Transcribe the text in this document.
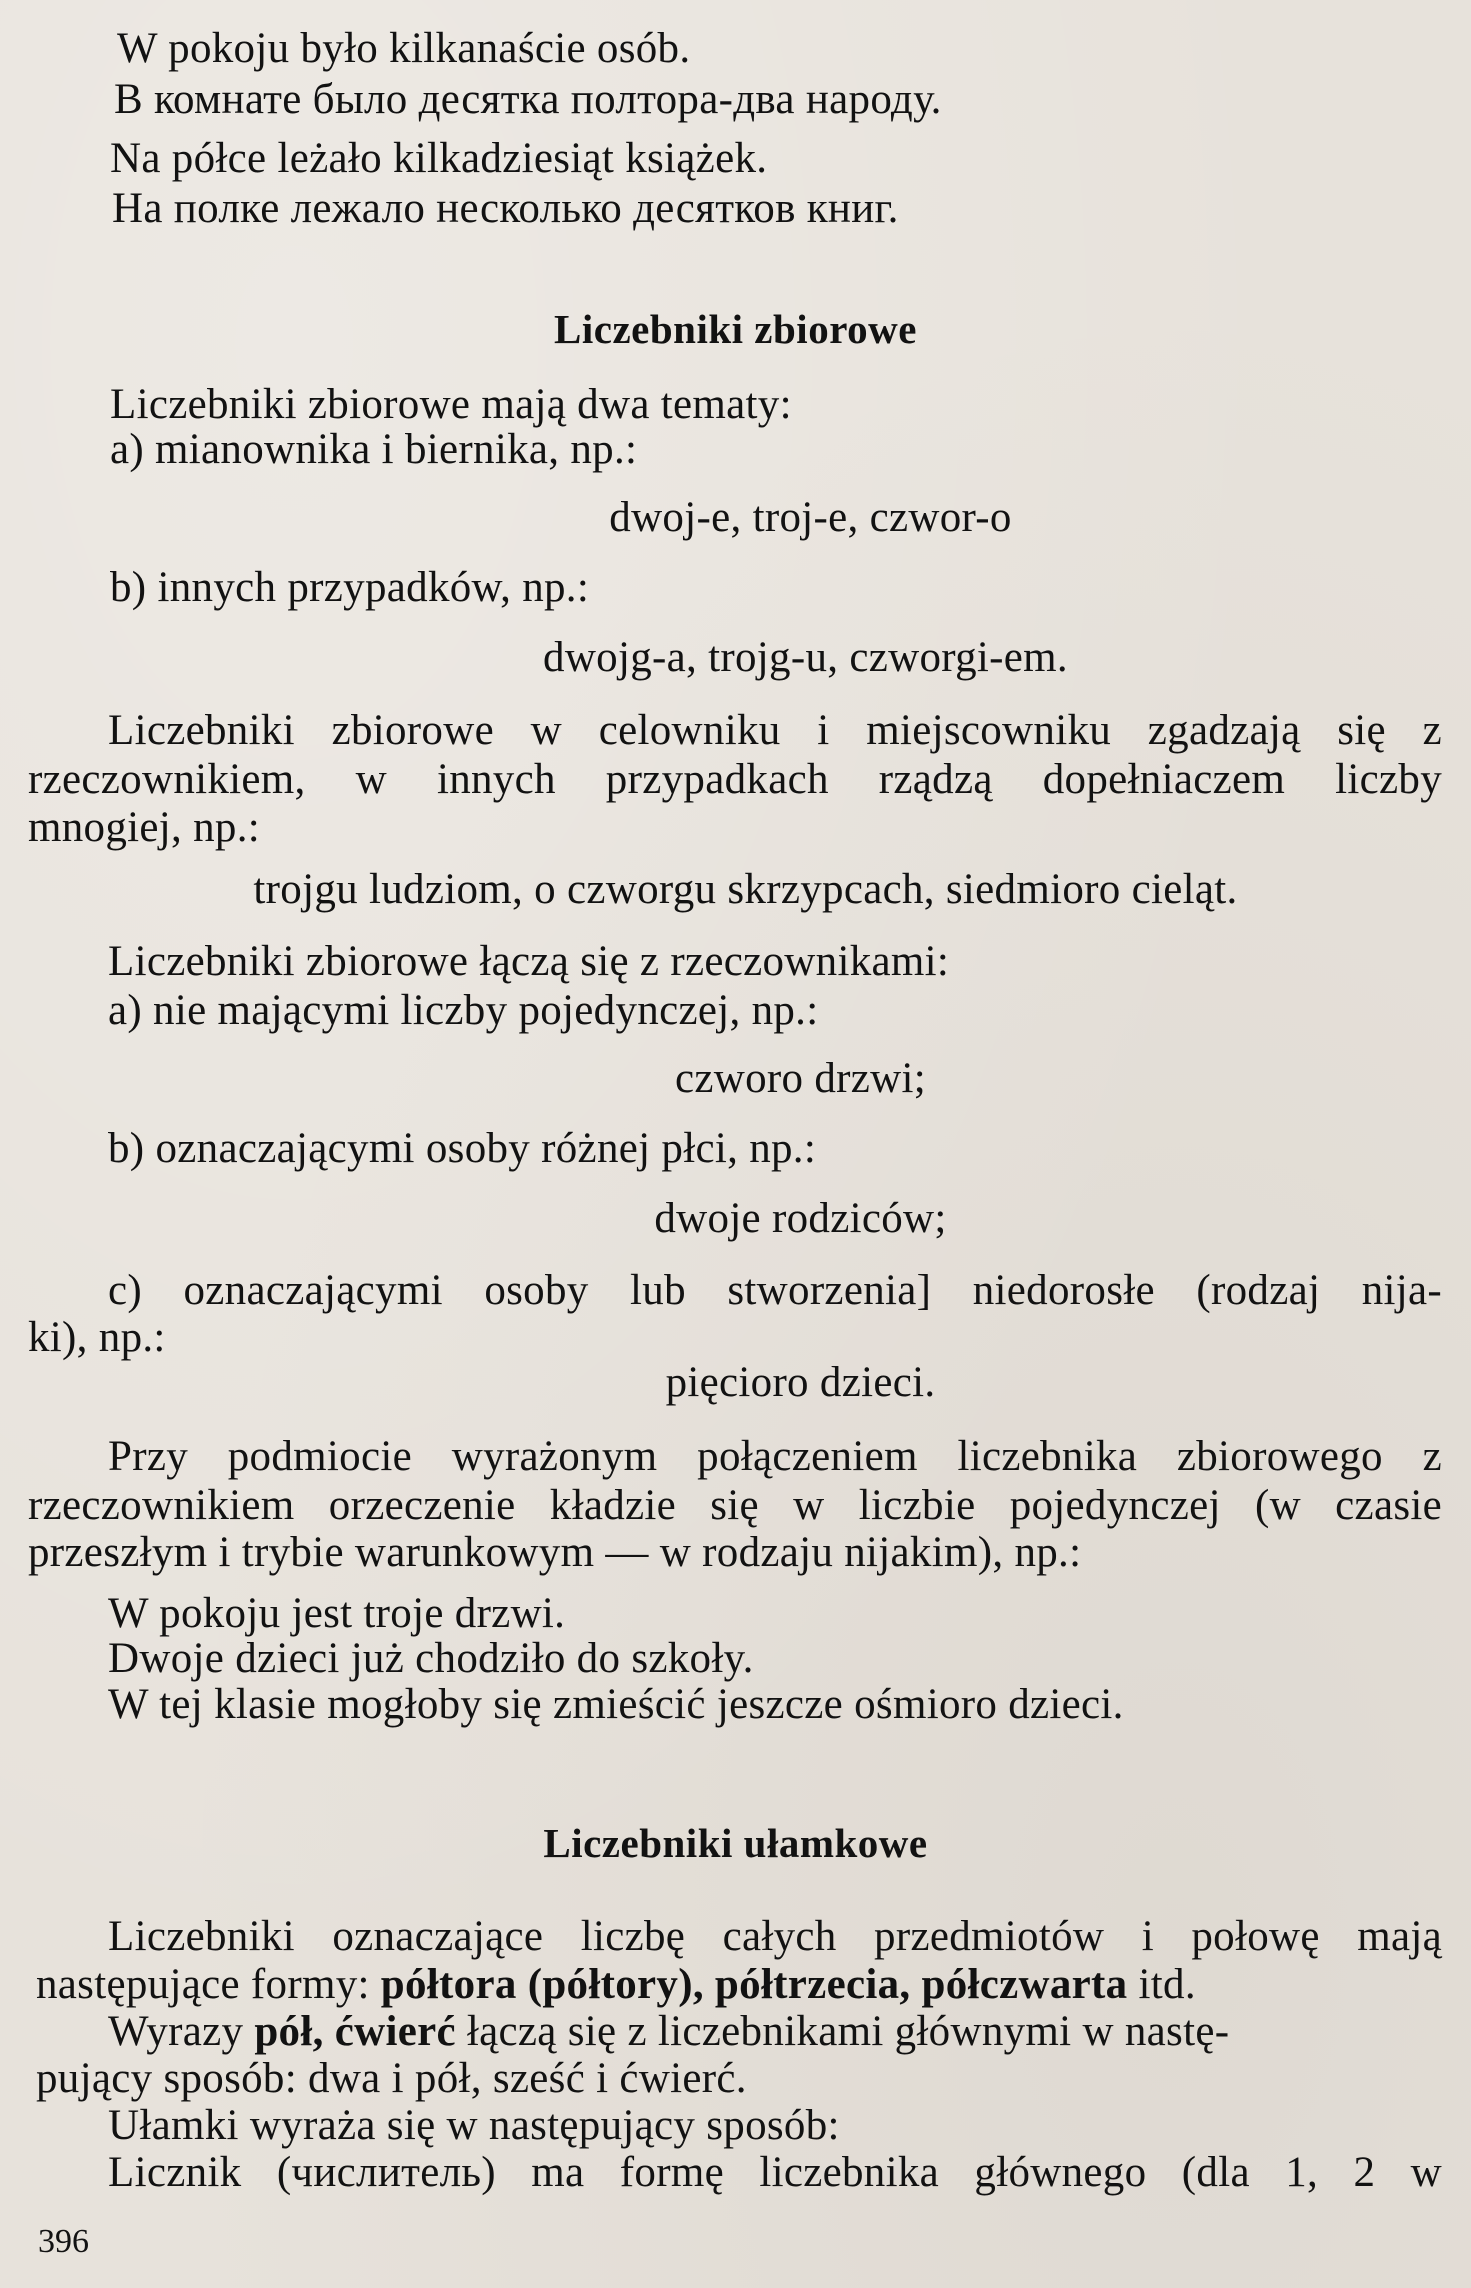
W pokoju było kilkanaście osób.
В комнате было десятка полтора-два народу.
Na półce leżało kilkadziesiąt książek.
На полке лежало несколько десятков книг.
Liczebniki zbiorowe
Liczebniki zbiorowe mają dwa tematy:
a) mianownika i biernika, np.:
dwoj-e, troj-e, czwor-o
b) innych przypadków, np.:
dwojg-a, trojg-u, czworgi-em.
Liczebniki zbiorowe w celowniku i miejscowniku zgadzają się z
rzeczownikiem, w innych przypadkach rządzą dopełniaczem liczby
mnogiej, np.:
trojgu ludziom, o czworgu skrzypcach, siedmioro cieląt.
Liczebniki zbiorowe łączą się z rzeczownikami:
a) nie mającymi liczby pojedynczej, np.:
czworo drzwi;
b) oznaczającymi osoby różnej płci, np.:
dwoje rodziców;
c) oznaczającymi osoby lub stworzenia] niedorosłe (rodzaj nija-
ki), np.:
pięcioro dzieci.
Przy podmiocie wyrażonym połączeniem liczebnika zbiorowego z
rzeczownikiem orzeczenie kładzie się w liczbie pojedynczej (w czasie
przeszłym i trybie warunkowym — w rodzaju nijakim), np.:
W pokoju jest troje drzwi.
Dwoje dzieci już chodziło do szkoły.
W tej klasie mogłoby się zmieścić jeszcze ośmioro dzieci.
Liczebniki ułamkowe
Liczebniki oznaczające liczbę całych przedmiotów i połowę mają
następujące formy: półtora (półtory), półtrzecia, półczwarta itd.
Wyrazy pół, ćwierć łączą się z liczebnikami głównymi w nastę-
pujący sposób: dwa i pół, sześć i ćwierć.
Ułamki wyraża się w następujący sposób:
Licznik (числитель) ma formę liczebnika głównego (dla 1, 2 w
396
